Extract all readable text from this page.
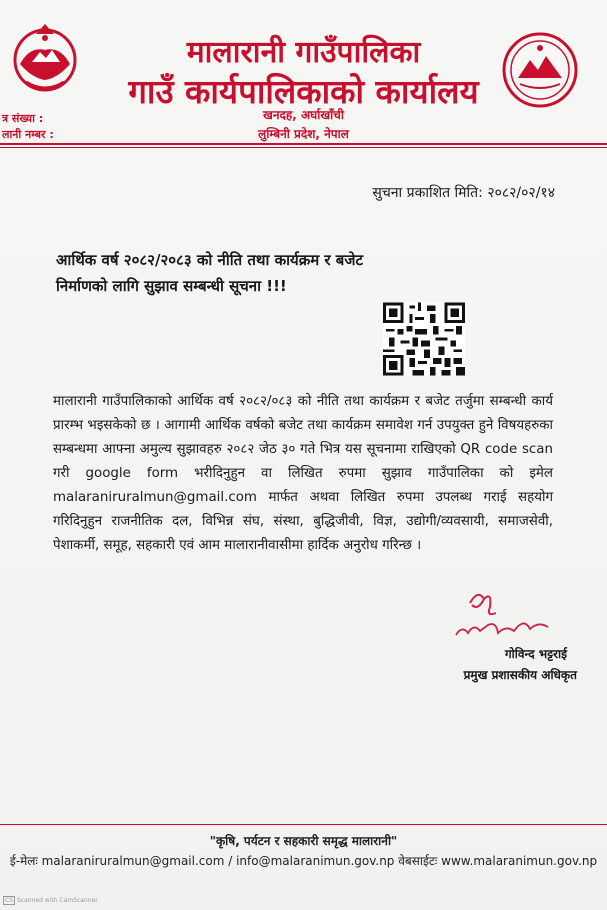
मालारानी गाउँपालिका
गाउँ कार्यपालिकाको कार्यालय
खनदह, अर्घाखाँची
लुम्बिनी प्रदेश, नेपाल
त्र संख्या :
लानी नम्बर :
सुचना प्रकाशित मिति: २०८२/०२/१४
आर्थिक वर्ष २०८२/२०८३ को नीति तथा कार्यक्रम र बजेट
निर्माणको लागि सुझाव सम्बन्धी सूचना !!!
मालारानी गाउँपालिकाको आर्थिक वर्ष २०८२/०८३ को नीति तथा कार्यक्रम र बजेट तर्जुमा सम्बन्धी कार्य प्रारम्भ भइसकेको छ । आगामी आर्थिक वर्षको बजेट तथा कार्यक्रम समावेश गर्न उपयुक्त हुने विषयहरुका सम्बन्धमा आफ्ना अमुल्य सुझावहरु २०८२ जेठ ३० गते भित्र यस सूचनामा राखिएको QR code scan गरी google form भरीदिनुहुन वा लिखित रुपमा सुझाव गाउँपालिका को इमेल malaraniruralmun@gmail.com मार्फत अथवा लिखित रुपमा उपलब्ध गराई सहयोग गरिदिनुहुन राजनीतिक दल, विभिन्न संघ, संस्था, बुद्धिजीवी, विज्ञ, उद्योगी/व्यवसायी, समाजसेवी, पेशाकर्मी, समूह, सहकारी एवं आम मालारानीवासीमा हार्दिक अनुरोध गरिन्छ ।
गोविन्द भट्टराई
प्रमुख प्रशासकीय अधिकृत
"कृषि, पर्यटन र सहकारी समृद्ध मालारानी"
ई-मेलः malaraniruralmun@gmail.com / info@malaranimun.gov.np वेबसाईटः www.malaranimun.gov.np
CS Scanned with CamScanner
